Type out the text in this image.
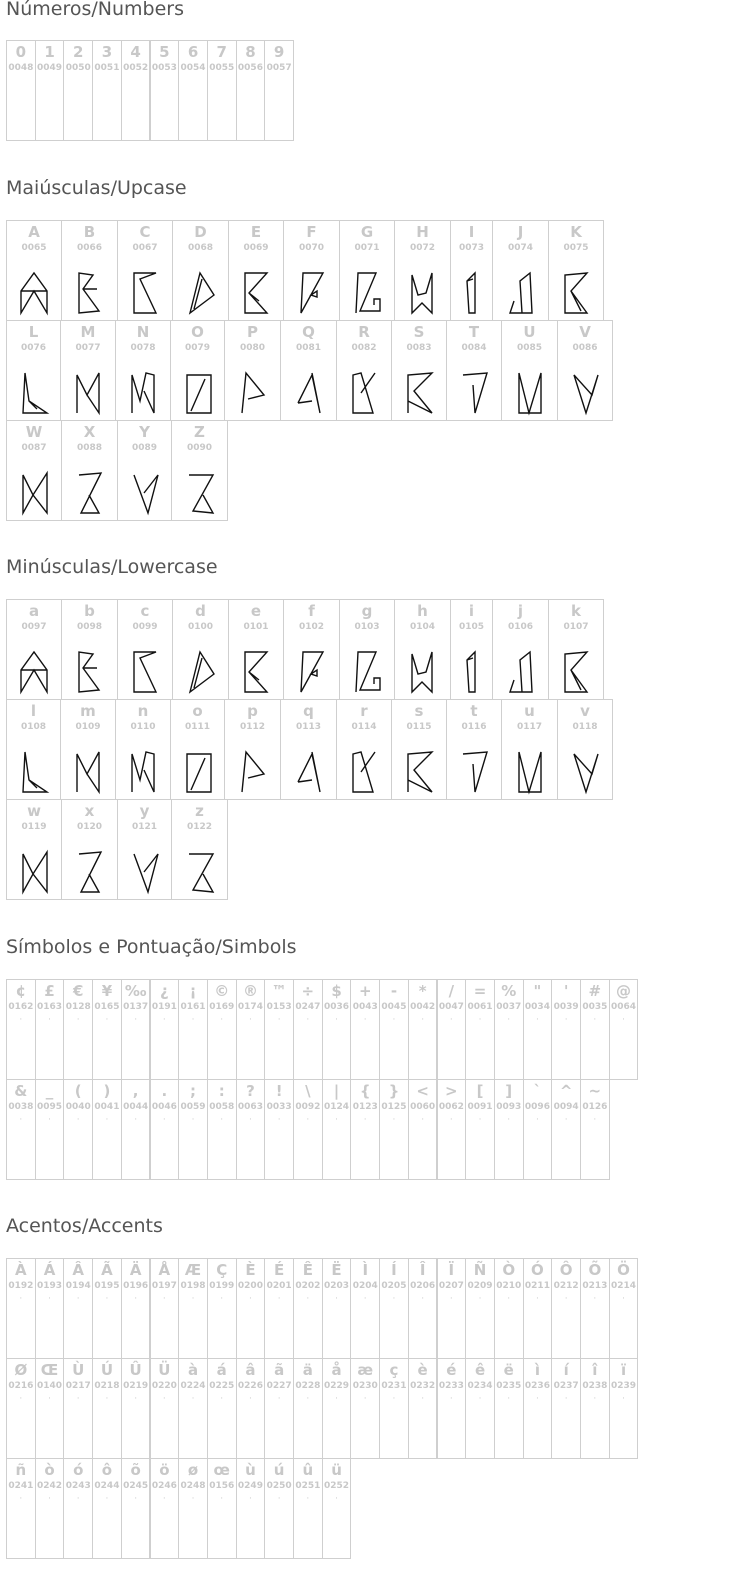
Números/Numbers
0
0048
1
0049
2
0050
3
0051
4
0052
5
0053
6
0054
7
0055
8
0056
9
0057
Maiúsculas/Upcase
A
0065
B
0066
C
0067
D
0068
E
0069
F
0070
G
0071
H
0072
I
0073
J
0074
K
0075
L
0076
M
0077
N
0078
O
0079
P
0080
Q
0081
R
0082
S
0083
T
0084
U
0085
V
0086
W
0087
X
0088
Y
0089
Z
0090
Minúsculas/Lowercase
a
0097
b
0098
c
0099
d
0100
e
0101
f
0102
g
0103
h
0104
i
0105
j
0106
k
0107
l
0108
m
0109
n
0110
o
0111
p
0112
q
0113
r
0114
s
0115
t
0116
u
0117
v
0118
w
0119
x
0120
y
0121
z
0122
Símbolos e Pontuação/Simbols
¢
0162
·
£
0163
·
€
0128
·
¥
0165
·
‰
0137
·
¿
0191
·
¡
0161
·
©
0169
·
®
0174
·
™
0153
·
÷
0247
·
$
0036
·
+
0043
·
-
0045
·
*
0042
·
/
0047
·
=
0061
·
%
0037
·
"
0034
·
'
0039
·
#
0035
·
@
0064
·
&
0038
·
_
0095
·
(
0040
·
)
0041
·
,
0044
·
.
0046
·
;
0059
·
:
0058
·
?
0063
·
!
0033
·
\
0092
·
|
0124
·
{
0123
·
}
0125
·
<
0060
·
>
0062
·
[
0091
·
]
0093
·
`
0096
·
^
0094
·
~
0126
·
Acentos/Accents
À
0192
·
Á
0193
·
Â
0194
·
Ã
0195
·
Ä
0196
·
Å
0197
·
Æ
0198
·
Ç
0199
·
È
0200
·
É
0201
·
Ê
0202
·
Ë
0203
·
Ì
0204
·
Í
0205
·
Î
0206
·
Ï
0207
·
Ñ
0209
·
Ò
0210
·
Ó
0211
·
Ô
0212
·
Õ
0213
·
Ö
0214
·
Ø
0216
·
Œ
0140
·
Ù
0217
·
Ú
0218
·
Û
0219
·
Ü
0220
·
à
0224
·
á
0225
·
â
0226
·
ã
0227
·
ä
0228
·
å
0229
·
æ
0230
·
ç
0231
·
è
0232
·
é
0233
·
ê
0234
·
ë
0235
·
ì
0236
·
í
0237
·
î
0238
·
ï
0239
·
ñ
0241
·
ò
0242
·
ó
0243
·
ô
0244
·
õ
0245
·
ö
0246
·
ø
0248
·
œ
0156
·
ù
0249
·
ú
0250
·
û
0251
·
ü
0252
·
